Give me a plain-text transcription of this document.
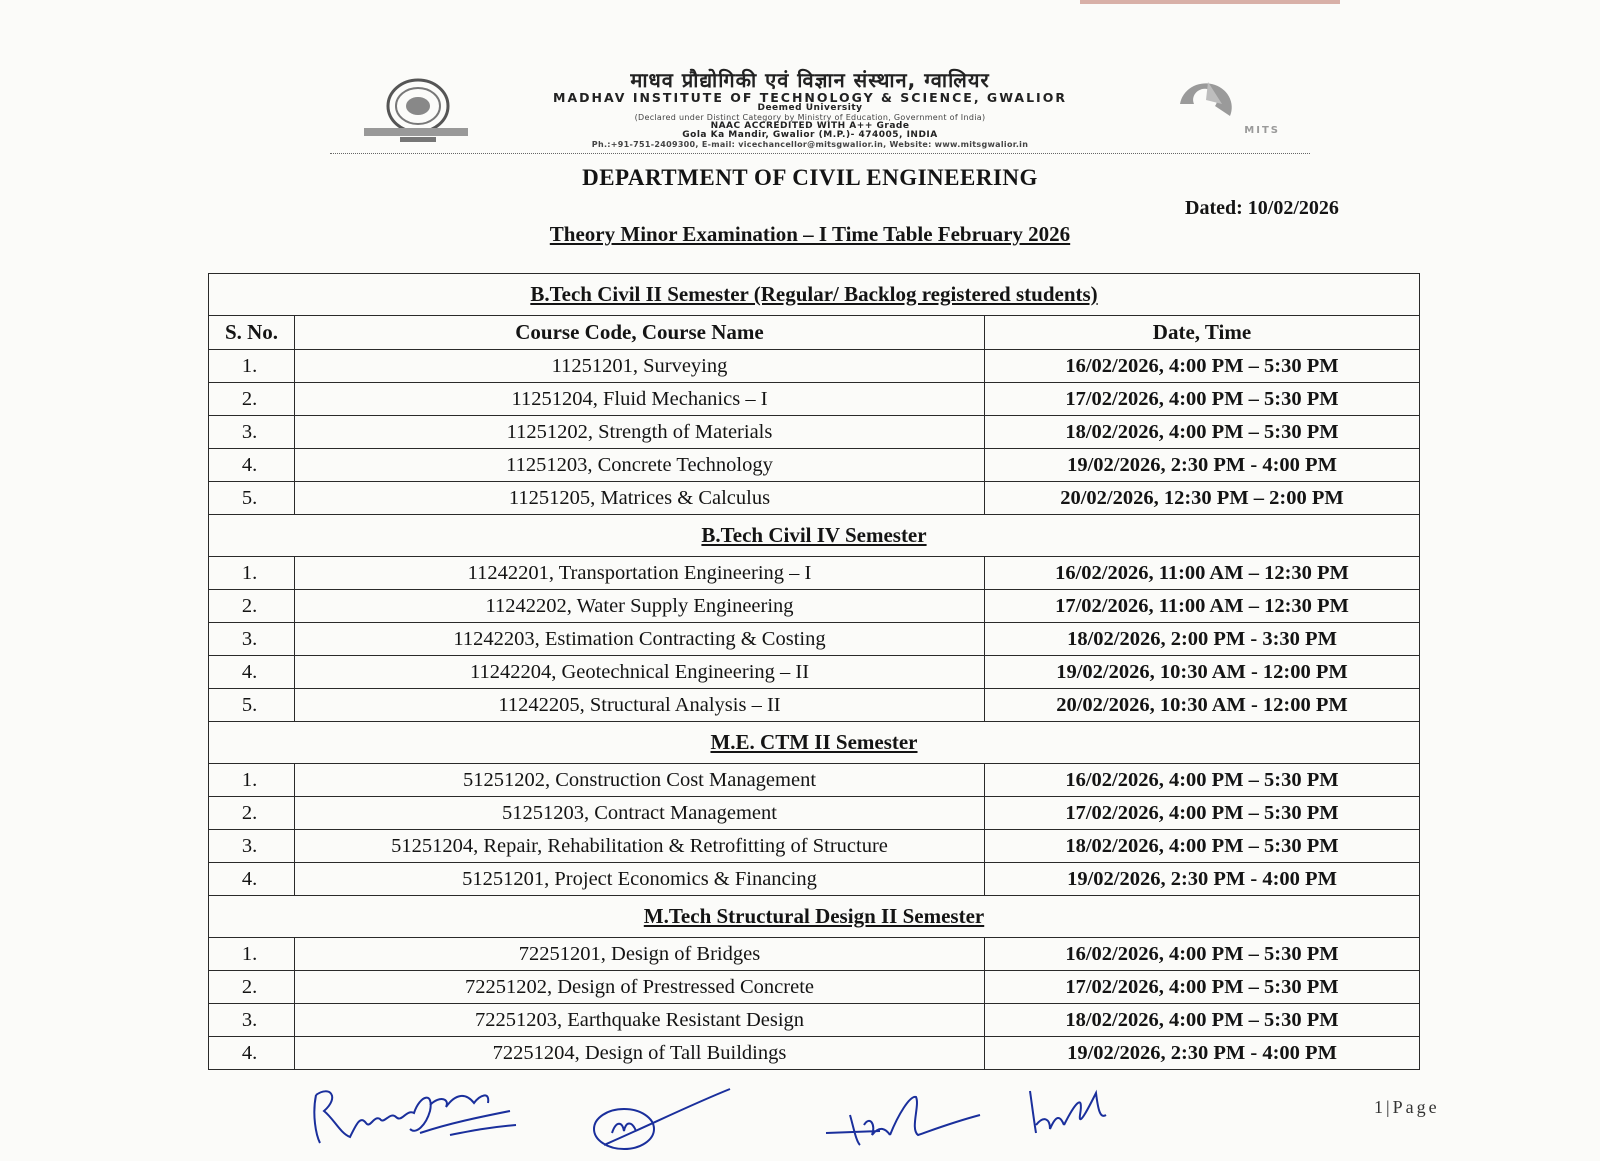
माधव प्रौद्योगिकी एवं विज्ञान संस्थान, ग्वालियर
MADHAV INSTITUTE OF TECHNOLOGY & SCIENCE, GWALIOR
Deemed University
(Declared under Distinct Category by Ministry of Education, Government of India)
NAAC ACCREDITED WITH A++ Grade
Gola Ka Mandir, Gwalior (M.P.)- 474005, INDIA
Ph.:+91-751-2409300, E-mail: vicechancellor@mitsgwalior.in, Website: www.mitsgwalior.in
MITS
DEPARTMENT OF CIVIL ENGINEERING
Dated: 10/02/2026
Theory Minor Examination – I Time Table February 2026
B.Tech Civil II Semester (Regular/ Backlog registered students)		
S. No.	Course Code, Course Name	Date, Time
1.	11251201, Surveying	16/02/2026, 4:00 PM – 5:30 PM
2.	11251204, Fluid Mechanics – I	17/02/2026, 4:00 PM – 5:30 PM
3.	11251202, Strength of Materials	18/02/2026, 4:00 PM – 5:30 PM
4.	11251203, Concrete Technology	19/02/2026, 2:30 PM - 4:00 PM
5.	11251205, Matrices & Calculus	20/02/2026, 12:30 PM – 2:00 PM
B.Tech Civil IV Semester		
1.	11242201, Transportation Engineering – I	16/02/2026, 11:00 AM – 12:30 PM
2.	11242202, Water Supply Engineering	17/02/2026, 11:00 AM – 12:30 PM
3.	11242203, Estimation Contracting & Costing	18/02/2026, 2:00 PM - 3:30 PM
4.	11242204, Geotechnical Engineering – II	19/02/2026, 10:30 AM - 12:00 PM
5.	11242205, Structural Analysis – II	20/02/2026, 10:30 AM - 12:00 PM
M.E. CTM II Semester		
1.	51251202, Construction Cost Management	16/02/2026, 4:00 PM – 5:30 PM
2.	51251203, Contract Management	17/02/2026, 4:00 PM – 5:30 PM
3.	51251204, Repair, Rehabilitation & Retrofitting of Structure	18/02/2026, 4:00 PM – 5:30 PM
4.	51251201, Project Economics & Financing	19/02/2026, 2:30 PM - 4:00 PM
M.Tech Structural Design II Semester		
1.	72251201, Design of Bridges	16/02/2026, 4:00 PM – 5:30 PM
2.	72251202, Design of Prestressed Concrete	17/02/2026, 4:00 PM – 5:30 PM
3.	72251203, Earthquake Resistant Design	18/02/2026, 4:00 PM – 5:30 PM
4.	72251204, Design of Tall Buildings	19/02/2026, 2:30 PM - 4:00 PM
1|Page
